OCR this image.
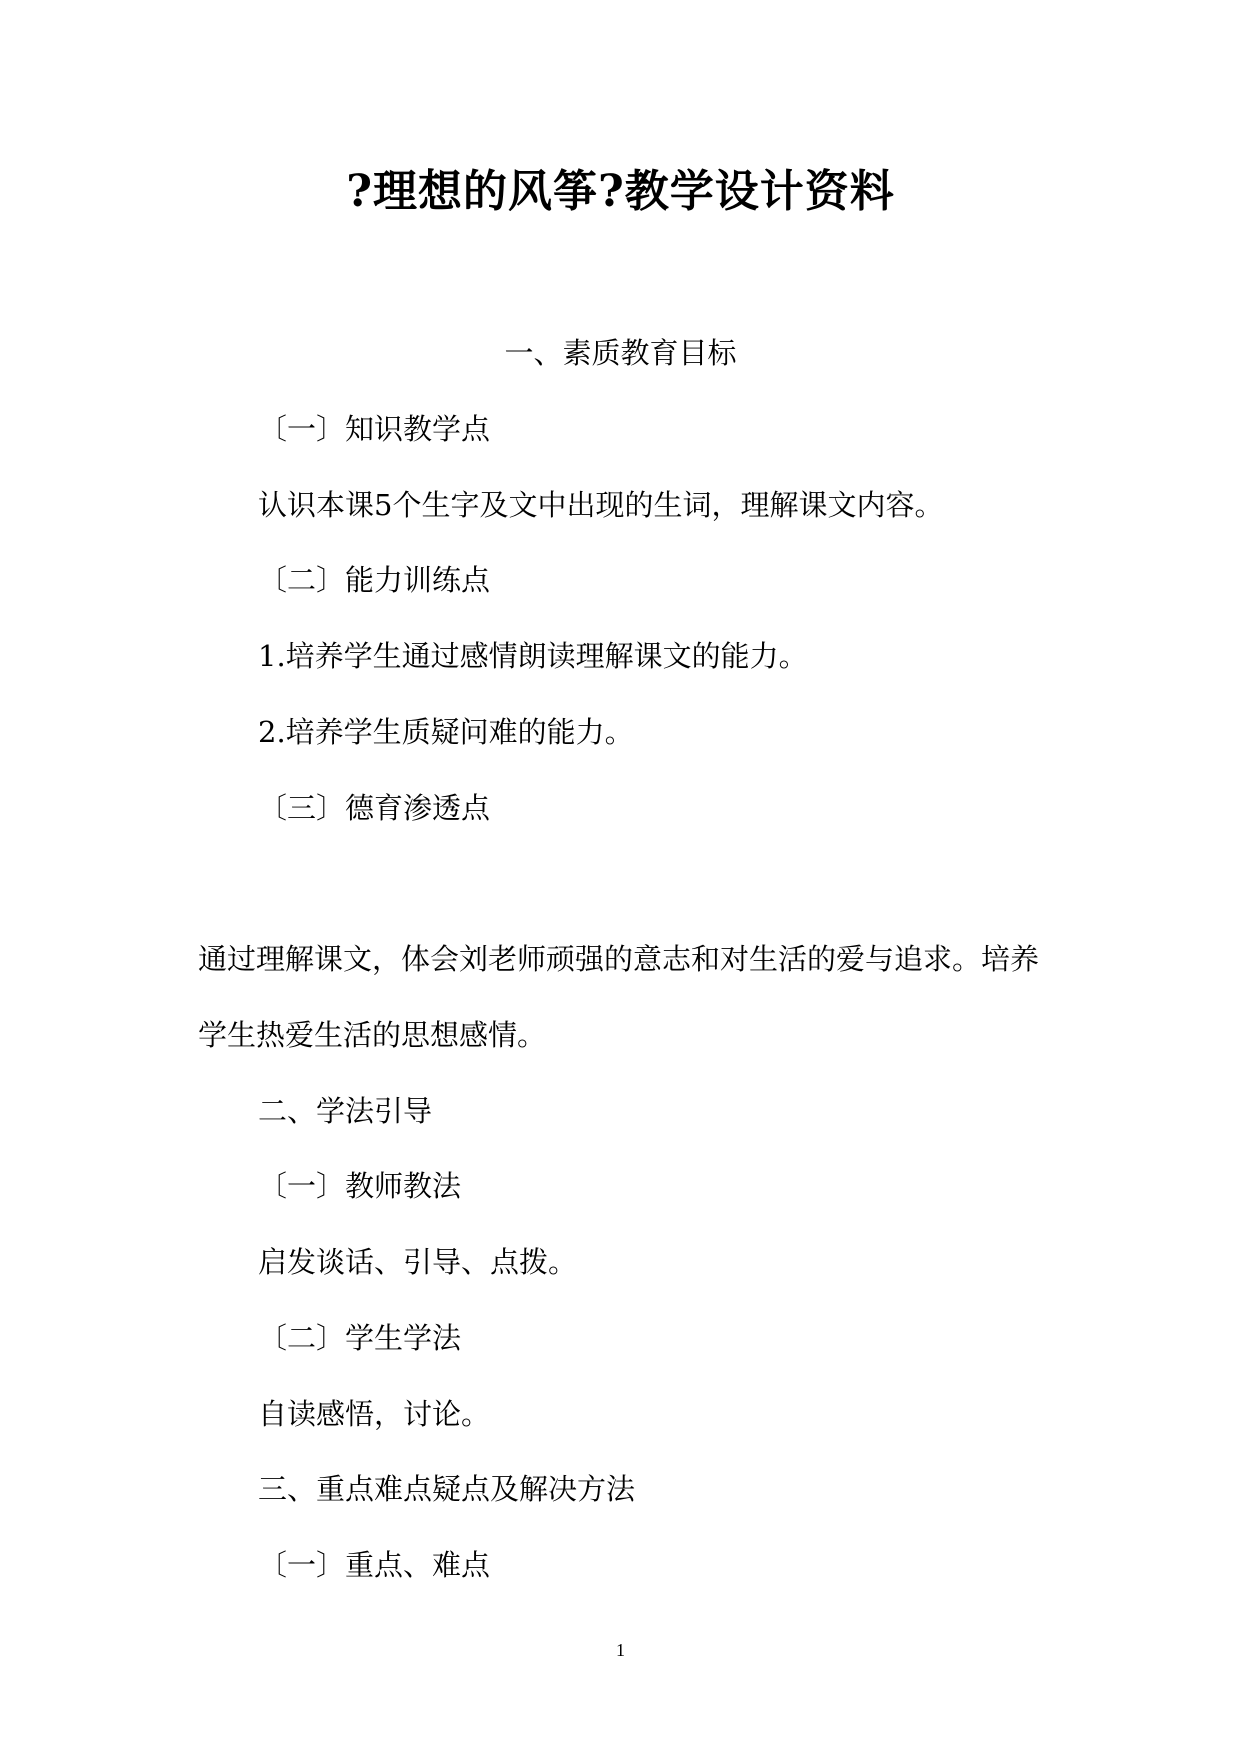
?理想的风筝?教学设计资料
一、素质教育目标
〔一〕知识教学点
认识本课5个生字及文中出现的生词，理解课文内容。
〔二〕能力训练点
1.培养学生通过感情朗读理解课文的能力。
2.培养学生质疑问难的能力。
〔三〕德育渗透点
通过理解课文，体会刘老师顽强的意志和对生活的爱与追求。培养
学生热爱生活的思想感情。
二、学法引导
〔一〕教师教法
启发谈话、引导、点拨。
〔二〕学生学法
自读感悟，讨论。
三、重点难点疑点及解决方法
〔一〕重点、难点
1
